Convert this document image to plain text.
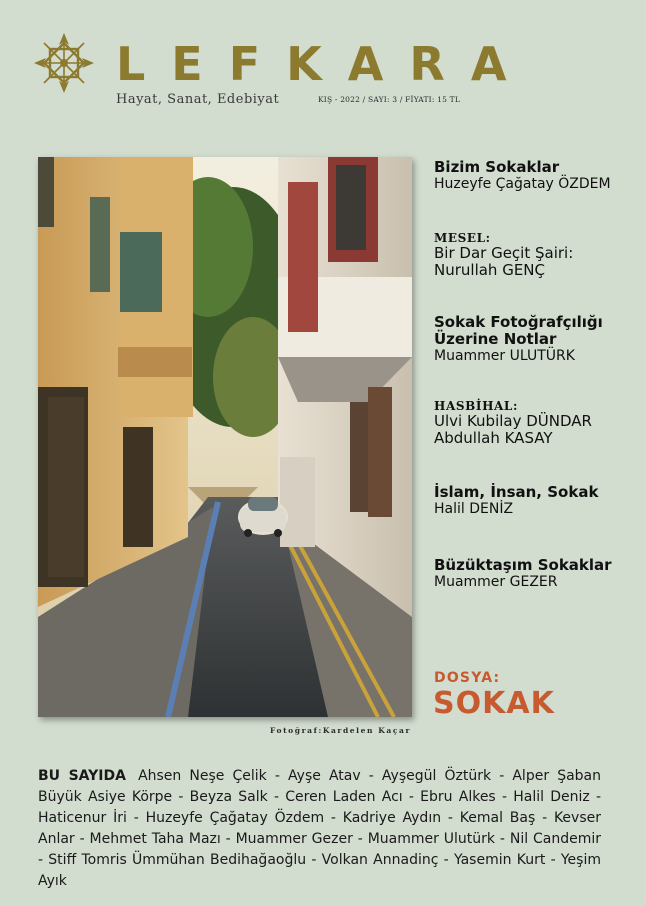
LEFKARA
Hayat, Sanat, Edebiyat	KIŞ - 2022 / SAYI: 3 / FİYATI: 15 TL
Fotoğraf:Kardelen Kaçar
Bizim Sokaklar
Huzeyfe Çağatay ÖZDEM
MESEL:
Bir Dar Geçit Şairi: Nurullah GENÇ
Sokak Fotoğrafçılığı Üzerine Notlar
Muammer ULUTÜRK
HASBİHAL:
Ulvi Kubilay DÜNDAR Abdullah KASAY
İslam, İnsan, Sokak
Halil DENİZ
Büzüktaşım Sokaklar
Muammer GEZER
DOSYA:
SOKAK
BU SAYIDA Ahsen Neşe Çelik - Ayşe Atav - Ayşegül Öztürk - Alper Şaban Büyük Asiye Körpe - Beyza Salk - Ceren Laden Acı - Ebru Alkes - Halil Deniz - Haticenur İri - Huzeyfe Çağatay Özdem - Kadriye Aydın - Kemal Baş - Kevser Anlar - Mehmet Taha Mazı - Muammer Gezer - Muammer Ulutürk - Nil Candemir - Stiff Tomris Ümmühan Bedihağaoğlu - Volkan Annadinç - Yasemin Kurt - Yeşim Ayık
